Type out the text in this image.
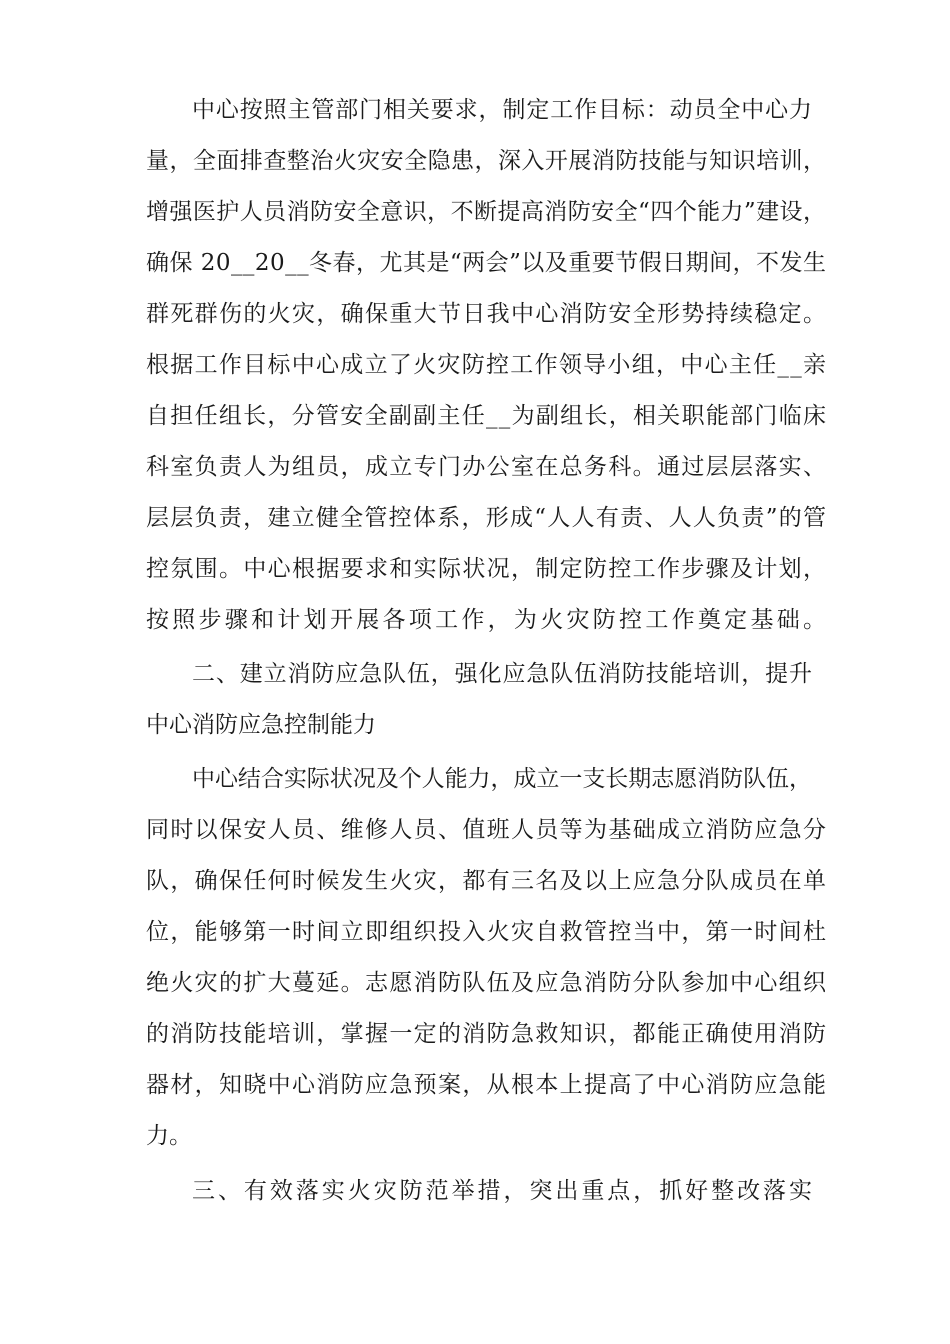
中心按照主管部门相关要求，制定工作目标：动员全中心力

量，全面排查整治火灾安全隐患，深入开展消防技能与知识培训，

增强医护人员消防安全意识，不断提高消防安全“四个能力”建设，

确保 20__20__冬春，尤其是“两会”以及重要节假日期间，不发生

群死群伤的火灾，确保重大节日我中心消防安全形势持续稳定。

根据工作目标中心成立了火灾防控工作领导小组，中心主任__亲

自担任组长，分管安全副副主任__为副组长，相关职能部门临床

科室负责人为组员，成立专门办公室在总务科。通过层层落实、

层层负责，建立健全管控体系，形成“人人有责、人人负责”的管

控氛围。中心根据要求和实际状况，制定防控工作步骤及计划，

按照步骤和计划开展各项工作，为火灾防控工作奠定基础。

二、建立消防应急队伍，强化应急队伍消防技能培训，提升

中心消防应急控制能力

中心结合实际状况及个人能力，成立一支长期志愿消防队伍，

同时以保安人员、维修人员、值班人员等为基础成立消防应急分

队，确保任何时候发生火灾，都有三名及以上应急分队成员在单

位，能够第一时间立即组织投入火灾自救管控当中，第一时间杜

绝火灾的扩大蔓延。志愿消防队伍及应急消防分队参加中心组织

的消防技能培训，掌握一定的消防急救知识，都能正确使用消防

器材，知晓中心消防应急预案，从根本上提高了中心消防应急能

力。

三、有效落实火灾防范举措，突出重点，抓好整改落实
